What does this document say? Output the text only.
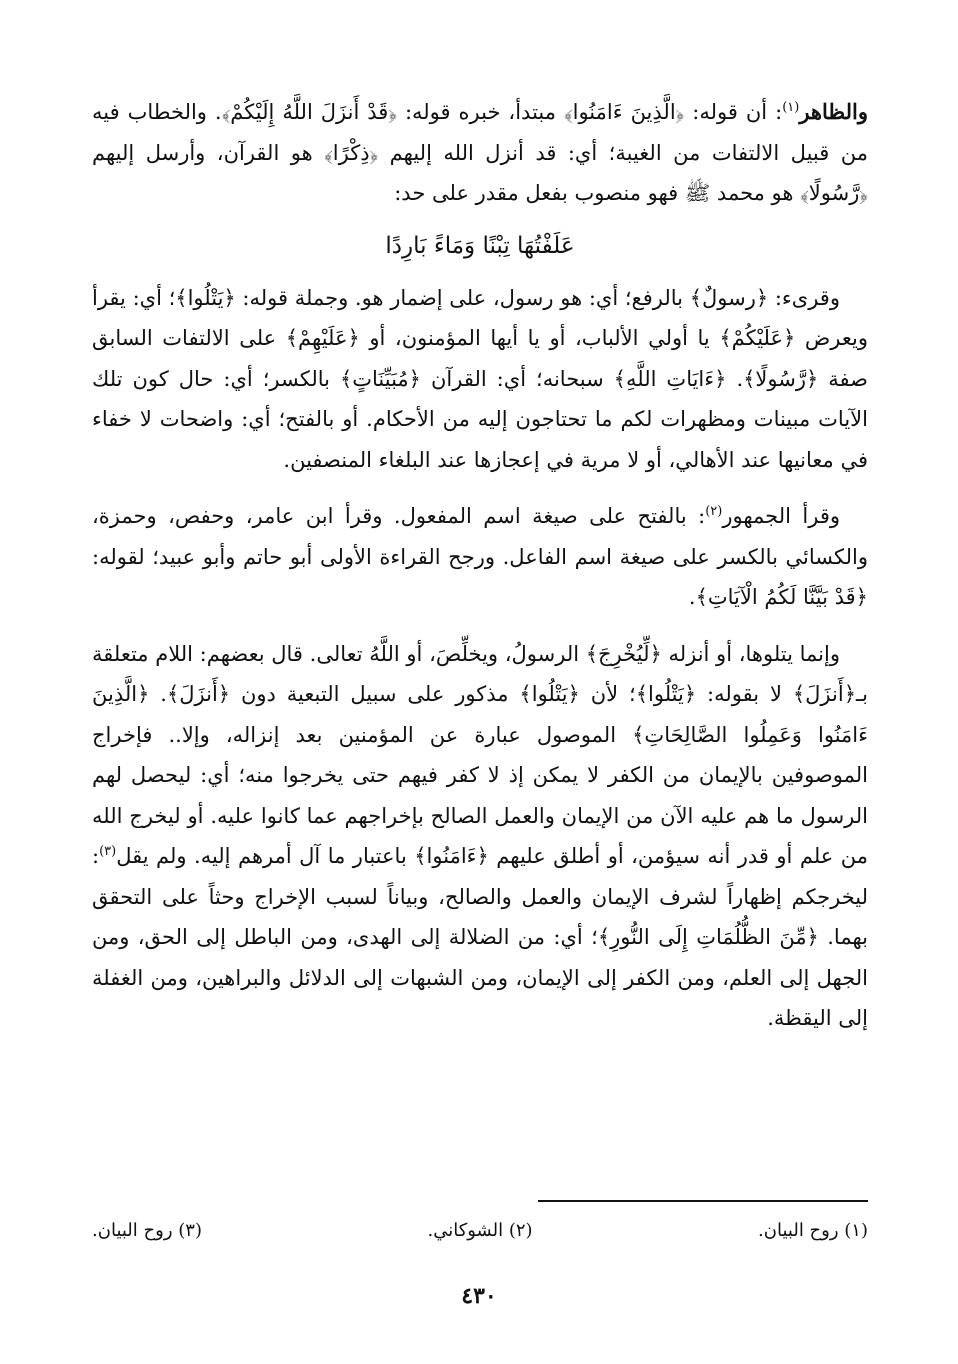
والظاهر$^{(١)}$: أن قوله: ﴿الَّذِينَ ءَامَنُوا﴾ مبتدأ، خبره قوله: ﴿قَدْ أَنزَلَ اللَّهُ إِلَيْكُمْ﴾. والخطاب فيه من قبيل الالتفات من الغيبة؛ أي: قد أنزل الله إليهم ﴿ذِكْرًا﴾ هو القرآن، وأرسل إليهم ﴿رَّسُولًا﴾ هو محمد ﷺ فهو منصوب بفعل مقدر على حد:

عَلَفْتُهَا تِبْنًا وَمَاءً بَارِدًا

وقرىء: ﴿رسولٌ﴾ بالرفع؛ أي: هو رسول، على إضمار هو. وجملة قوله: ﴿يَتْلُوا﴾؛ أي: يقرأ ويعرض ﴿عَلَيْكُمْ﴾ يا أولي الألباب، أو يا أيها المؤمنون، أو ﴿عَلَيْهِمْ﴾ على الالتفات السابق صفة ﴿رَّسُولًا﴾. ﴿ءَايَاتِ اللَّهِ﴾ سبحانه؛ أي: القرآن ﴿مُبَيِّنَاتٍ﴾ بالكسر؛ أي: حال كون تلك الآيات مبينات ومظهرات لكم ما تحتاجون إليه من الأحكام. أو بالفتح؛ أي: واضحات لا خفاء في معانيها عند الأهالي، أو لا مرية في إعجازها عند البلغاء المنصفين.

وقرأ الجمهور$^{(٢)}$: بالفتح على صيغة اسم المفعول. وقرأ ابن عامر، وحفص، وحمزة، والكسائي بالكسر على صيغة اسم الفاعل. ورجح القراءة الأولى أبو حاتم وأبو عبيد؛ لقوله: ﴿قَدْ بَيَّنَّا لَكُمُ الْآيَاتِ﴾.

وإنما يتلوها، أو أنزله ﴿لِّيُخْرِجَ﴾ الرسولُ، ويخلِّصَ، أو اللَّهُ تعالى. قال بعضهم: اللام متعلقة بـ﴿أَنزَلَ﴾ لا بقوله: ﴿يَتْلُوا﴾؛ لأن ﴿يَتْلُوا﴾ مذكور على سبيل التبعية دون ﴿أَنزَلَ﴾. ﴿الَّذِينَ ءَامَنُوا وَعَمِلُوا الصَّالِحَاتِ﴾ الموصول عبارة عن المؤمنين بعد إنزاله، وإلا.. فإخراج الموصوفين بالإيمان من الكفر لا يمكن إذ لا كفر فيهم حتى يخرجوا منه؛ أي: ليحصل لهم الرسول ما هم عليه الآن من الإيمان والعمل الصالح بإخراجهم عما كانوا عليه. أو ليخرج الله من علم أو قدر أنه سيؤمن، أو أطلق عليهم ﴿ءَامَنُوا﴾ باعتبار ما آل أمرهم إليه. ولم يقل$^{(٣)}$: ليخرجكم إظهاراً لشرف الإيمان والعمل والصالح، وبياناً لسبب الإخراج وحثاً على التحقق بهما. ﴿مِّنَ الظُّلُمَاتِ إِلَى النُّورِ﴾؛ أي: من الضلالة إلى الهدى، ومن الباطل إلى الحق، ومن الجهل إلى العلم، ومن الكفر إلى الإيمان، ومن الشبهات إلى الدلائل والبراهين، ومن الغفلة إلى اليقظة.

(١) روح البيان.
(٢) الشوكاني.
(٣) روح البيان.
٤٣٠
